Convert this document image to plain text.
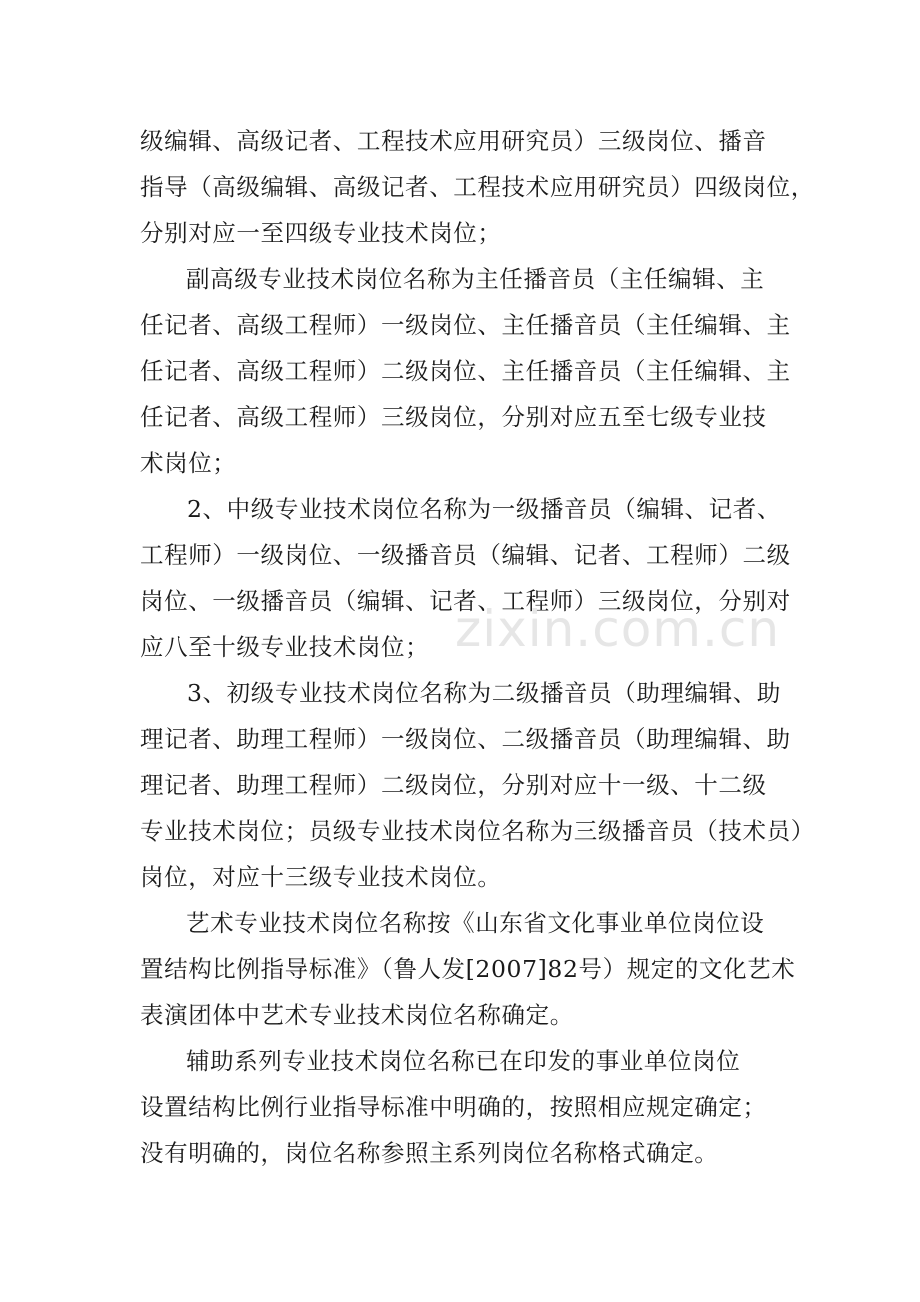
级编辑、高级记者、工程技术应用研究员）三级岗位、播音
指导（高级编辑、高级记者、工程技术应用研究员）四级岗位，
分别对应一至四级专业技术岗位；
副高级专业技术岗位名称为主任播音员（主任编辑、主
任记者、高级工程师）一级岗位、主任播音员（主任编辑、主
任记者、高级工程师）二级岗位、主任播音员（主任编辑、主
任记者、高级工程师）三级岗位，分别对应五至七级专业技
术岗位；
2、中级专业技术岗位名称为一级播音员（编辑、记者、
工程师）一级岗位、一级播音员（编辑、记者、工程师）二级
岗位、一级播音员（编辑、记者、工程师）三级岗位，分别对
应八至十级专业技术岗位；
3、初级专业技术岗位名称为二级播音员（助理编辑、助
理记者、助理工程师）一级岗位、二级播音员（助理编辑、助
理记者、助理工程师）二级岗位，分别对应十一级、十二级
专业技术岗位；员级专业技术岗位名称为三级播音员（技术员）
岗位，对应十三级专业技术岗位。
艺术专业技术岗位名称按《山东省文化事业单位岗位设
置结构比例指导标准》（鲁人发[2007]82号）规定的文化艺术
表演团体中艺术专业技术岗位名称确定。
辅助系列专业技术岗位名称已在印发的事业单位岗位
设置结构比例行业指导标准中明确的，按照相应规定确定；
没有明确的，岗位名称参照主系列岗位名称格式确定。
zixin.com.cn
